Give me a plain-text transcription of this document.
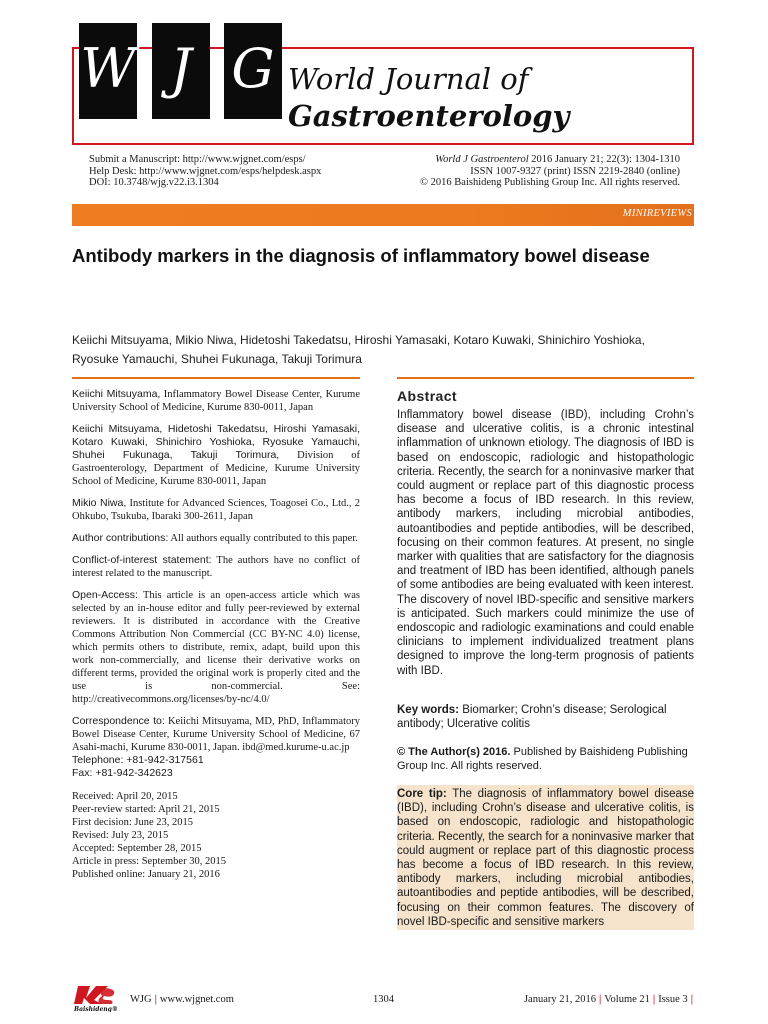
W J G World Journal of
Gastroenterology
Submit a Manuscript: http://www.wjgnet.com/esps/
Help Desk: http://www.wjgnet.com/esps/helpdesk.aspx
DOI: 10.3748/wjg.v22.i3.1304
World J Gastroenterol 2016 January 21; 22(3): 1304-1310
ISSN 1007-9327 (print) ISSN 2219-2840 (online)
© 2016 Baishideng Publishing Group Inc. All rights reserved.
MINIREVIEWS
Antibody markers in the diagnosis of inflammatory bowel disease
Keiichi Mitsuyama, Mikio Niwa, Hidetoshi Takedatsu, Hiroshi Yamasaki, Kotaro Kuwaki, Shinichiro Yoshioka,
Ryosuke Yamauchi, Shuhei Fukunaga, Takuji Torimura

Keiichi Mitsuyama, Inflammatory Bowel Disease Center, Kurume University School of Medicine, Kurume 830-0011, Japan

Keiichi Mitsuyama, Hidetoshi Takedatsu, Hiroshi Yamasaki, Kotaro Kuwaki, Shinichiro Yoshioka, Ryosuke Yamauchi, Shuhei Fukunaga, Takuji Torimura, Division of Gastroenterology, Department of Medicine, Kurume University School of Medicine, Kurume 830-0011, Japan

Mikio Niwa, Institute for Advanced Sciences, Toagosei Co., Ltd., 2 Ohkubo, Tsukuba, Ibaraki 300-2611, Japan

Author contributions: All authors equally contributed to this paper.

Conflict-of-interest statement: The authors have no conflict of interest related to the manuscript.

Open-Access: This article is an open-access article which was selected by an in-house editor and fully peer-reviewed by external reviewers. It is distributed in accordance with the Creative Commons Attribution Non Commercial (CC BY-NC 4.0) license, which permits others to distribute, remix, adapt, build upon this work non-commercially, and license their derivative works on different terms, provided the original work is properly cited and the use is non-commercial. See: http://creativecommons.org/licenses/by-nc/4.0/

Correspondence to: Keiichi Mitsuyama, MD, PhD, Inflammatory Bowel Disease Center, Kurume University School of Medicine, 67 Asahi-machi, Kurume 830-0011, Japan. ibd@med.kurume-u.ac.jp

Telephone: +81-942-317561
Fax: +81-942-342623
Received: April 20, 2015
Peer-review started: April 21, 2015
First decision: June 23, 2015
Revised: July 23, 2015
Accepted: September 28, 2015
Article in press: September 30, 2015
Published online: January 21, 2016
Abstract
Inflammatory bowel disease (IBD), including Crohn’s disease and ulcerative colitis, is a chronic intestinal inflammation of unknown etiology. The diagnosis of IBD is based on endoscopic, radiologic and histopathologic criteria. Recently, the search for a noninvasive marker that could augment or replace part of this diagnostic process has become a focus of IBD research. In this review, antibody markers, including microbial antibodies, autoantibodies and peptide antibodies, will be described, focusing on their common features. At present, no single marker with qualities that are satisfactory for the diagnosis and treatment of IBD has been identified, although panels of some antibodies are being evaluated with keen interest. The discovery of novel IBD-specific and sensitive markers is anticipated. Such markers could minimize the use of endoscopic and radiologic examinations and could enable clinicians to implement individualized treatment plans designed to improve the long-term prognosis of patients with IBD.
Key words: Biomarker; Crohn’s disease; Serological antibody; Ulcerative colitis
© The Author(s) 2016. Published by Baishideng Publishing Group Inc. All rights reserved.
Core tip: The diagnosis of inflammatory bowel disease (IBD), including Crohn’s disease and ulcerative colitis, is based on endoscopic, radiologic and histopathologic criteria. Recently, the search for a noninvasive marker that could augment or replace part of this diagnostic process has become a focus of IBD research. In this review, antibody markers, including microbial antibodies, autoantibodies and peptide antibodies, will be described, focusing on their common features. The discovery of novel IBD-specific and sensitive markers
Baishideng®
WJG | www.wjgnet.com	1304	January 21, 2016 | Volume 21 | Issue 3 |
